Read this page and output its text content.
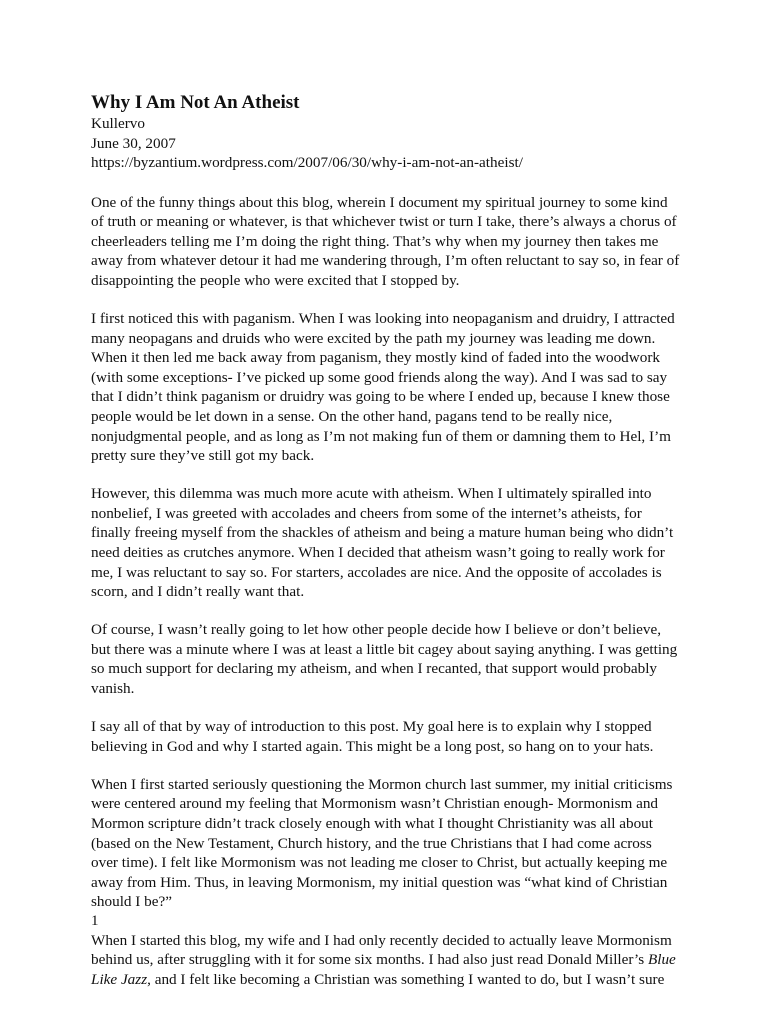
Why I Am Not An Atheist
Kullervo
June 30, 2007
https://byzantium.wordpress.com/2007/06/30/why-i-am-not-an-atheist/

One of the funny things about this blog, wherein I document my spiritual journey to some kind of truth or meaning or whatever, is that whichever twist or turn I take, there’s always a chorus of cheerleaders telling me I’m doing the right thing. That’s why when my journey then takes me away from whatever detour it had me wandering through, I’m often reluctant to say so, in fear of disappointing the people who were excited that I stopped by.

I first noticed this with paganism. When I was looking into neopaganism and druidry, I attracted many neopagans and druids who were excited by the path my journey was leading me down. When it then led me back away from paganism, they mostly kind of faded into the woodwork (with some exceptions- I’ve picked up some good friends along the way). And I was sad to say that I didn’t think paganism or druidry was going to be where I ended up, because I knew those people would be let down in a sense. On the other hand, pagans tend to be really nice, nonjudgmental people, and as long as I’m not making fun of them or damning them to Hel, I’m pretty sure they’ve still got my back.

However, this dilemma was much more acute with atheism. When I ultimately spiralled into nonbelief, I was greeted with accolades and cheers from some of the internet’s atheists, for finally freeing myself from the shackles of atheism and being a mature human being who didn’t need deities as crutches anymore. When I decided that atheism wasn’t going to really work for me, I was reluctant to say so. For starters, accolades are nice. And the opposite of accolades is scorn, and I didn’t really want that.

Of course, I wasn’t really going to let how other people decide how I believe or don’t believe, but there was a minute where I was at least a little bit cagey about saying anything. I was getting so much support for declaring my atheism, and when I recanted, that support would probably vanish.

I say all of that by way of introduction to this post. My goal here is to explain why I stopped believing in God and why I started again. This might be a long post, so hang on to your hats.

When I first started seriously questioning the Mormon church last summer, my initial criticisms were centered around my feeling that Mormonism wasn’t Christian enough- Mormonism and Mormon scripture didn’t track closely enough with what I thought Christianity was all about (based on the New Testament, Church history, and the true Christians that I had come across over time). I felt like Mormonism was not leading me closer to Christ, but actually keeping me away from Him. Thus, in leaving Mormonism, my initial question was “what kind of Christian should I be?”

When I started this blog, my wife and I had only recently decided to actually leave Mormonism behind us, after struggling with it for some six months. I had also just read Donald Miller’s Blue Like Jazz, and I felt like becoming a Christian was something I wanted to do, but I wasn’t sure

1
